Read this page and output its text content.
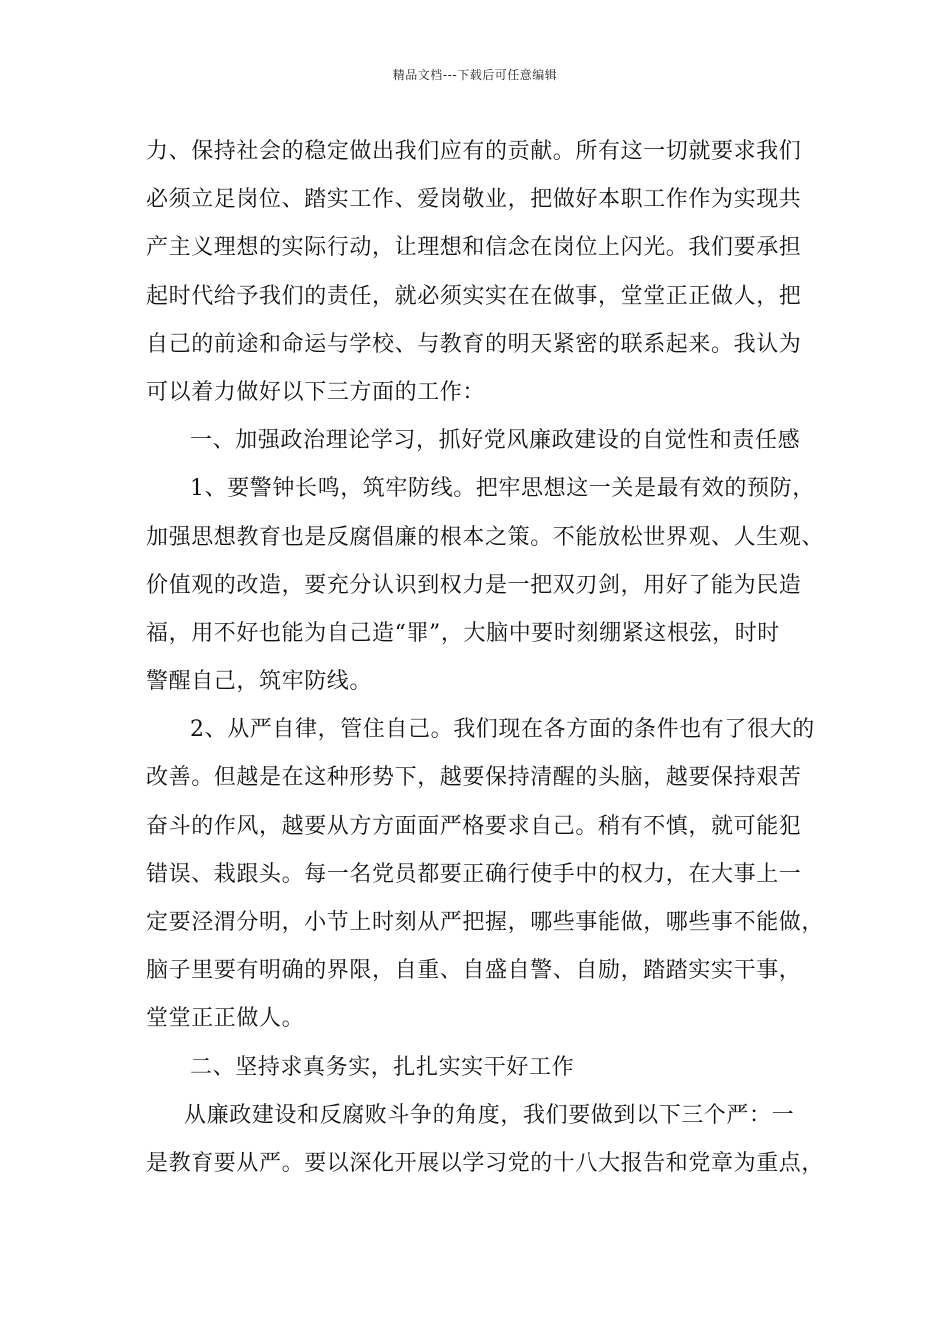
精品文档---下载后可任意编辑
力、保持社会的稳定做出我们应有的贡献。所有这一切就要求我们
必须立足岗位、踏实工作、爱岗敬业，把做好本职工作作为实现共
产主义理想的实际行动，让理想和信念在岗位上闪光。我们要承担
起时代给予我们的责任，就必须实实在在做事，堂堂正正做人，把
自己的前途和命运与学校、与教育的明天紧密的联系起来。我认为
可以着力做好以下三方面的工作：
一、加强政治理论学习，抓好党风廉政建设的自觉性和责任感
1、要警钟长鸣，筑牢防线。把牢思想这一关是最有效的预防，
加强思想教育也是反腐倡廉的根本之策。不能放松世界观、人生观、
价值观的改造，要充分认识到权力是一把双刃剑，用好了能为民造
福，用不好也能为自己造“罪”，大脑中要时刻绷紧这根弦，时时
警醒自己，筑牢防线。
2、从严自律，管住自己。我们现在各方面的条件也有了很大的
改善。但越是在这种形势下，越要保持清醒的头脑，越要保持艰苦
奋斗的作风，越要从方方面面严格要求自己。稍有不慎，就可能犯
错误、栽跟头。每一名党员都要正确行使手中的权力，在大事上一
定要泾渭分明，小节上时刻从严把握，哪些事能做，哪些事不能做，
脑子里要有明确的界限，自重、自盛自警、自励，踏踏实实干事，
堂堂正正做人。
二、坚持求真务实，扎扎实实干好工作
从廉政建设和反腐败斗争的角度，我们要做到以下三个严：一
是教育要从严。要以深化开展以学习党的十八大报告和党章为重点，
